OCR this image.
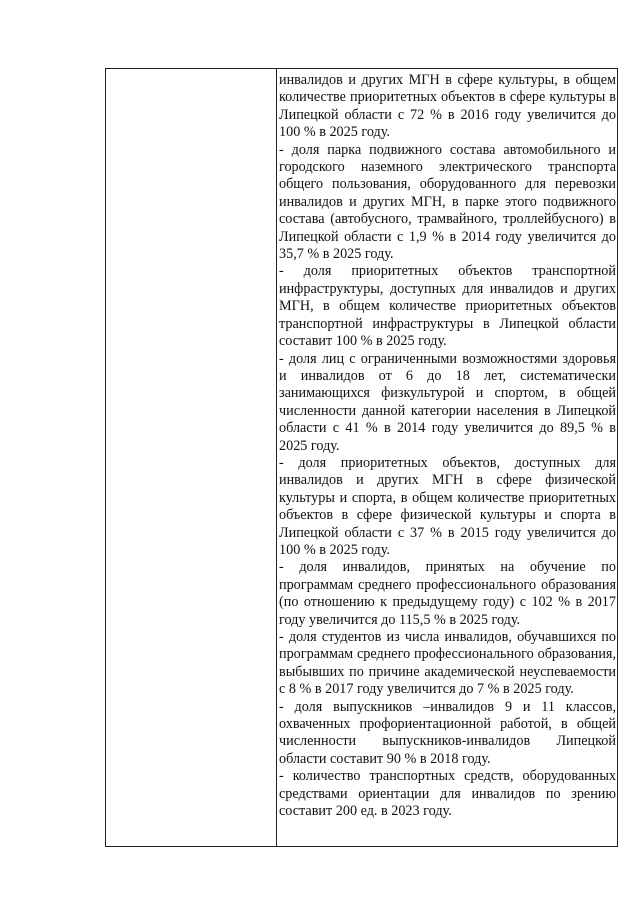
инвалидов и других МГН в сфере культуры, в общем количестве приоритетных объектов в сфере культуры в Липецкой области с 72 % в 2016 году увеличится до 100 % в 2025 году.

- доля парка подвижного состава автомобильного и городского наземного электрического транспорта общего пользования, оборудованного для перевозки инвалидов и других МГН, в парке этого подвижного состава (автобусного, трамвайного, троллейбусного) в Липецкой области с 1,9 % в 2014 году увеличится до 35,7 % в 2025 году.

- доля приоритетных объектов транспортной инфраструктуры, доступных для инвалидов и других МГН, в общем количестве приоритетных объектов транспортной инфраструктуры в Липецкой области составит 100 % в 2025 году.

- доля лиц с ограниченными возможностями здоровья и инвалидов от 6 до 18 лет, систематически занимающихся физкультурой и спортом, в общей численности данной категории населения в Липецкой области с 41 % в 2014 году увеличится до 89,5 % в 2025 году.

- доля приоритетных объектов, доступных для инвалидов и других МГН в сфере физической культуры и спорта, в общем количестве приоритетных объектов в сфере физической культуры и спорта в Липецкой области с 37 % в 2015 году увеличится до 100 % в 2025 году.

- доля инвалидов, принятых на обучение по программам среднего профессионального образования (по отношению к предыдущему году) с 102 % в 2017 году увеличится до 115,5 % в 2025 году.

- доля студентов из числа инвалидов, обучавшихся по программам среднего профессионального образования, выбывших по причине академической неуспеваемости с 8 % в 2017 году увеличится до 7 % в 2025 году.

- доля выпускников –инвалидов 9 и 11 классов, охваченных профориентационной работой, в общей численности выпускников-инвалидов Липецкой области составит 90 % в 2018 году.

- количество транспортных средств, оборудованных средствами ориентации для инвалидов по зрению составит 200 ед. в 2023 году.
